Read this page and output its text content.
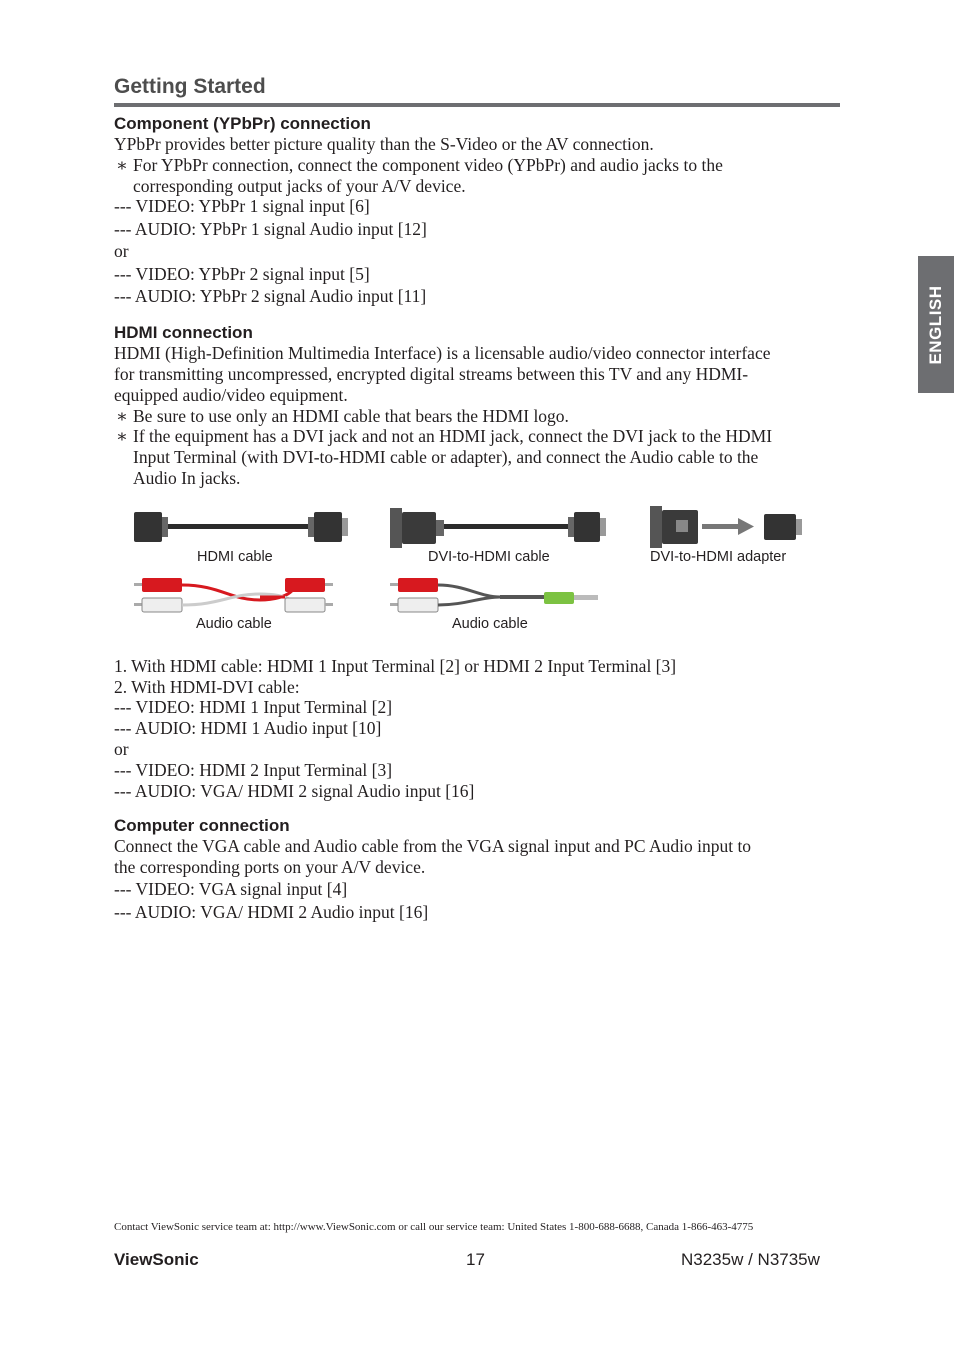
Getting Started
ENGLISH
Component (YPbPr) connection
YPbPr provides better picture quality than the S-Video or the AV connection.
∗ For YPbPr connection, connect the component video (YPbPr) and audio jacks to the
corresponding output jacks of your A/V device.
--- VIDEO: YPbPr 1 signal input [6]
--- AUDIO: YPbPr 1 signal Audio input [12]
or
--- VIDEO: YPbPr 2 signal input [5]
--- AUDIO: YPbPr 2 signal Audio input [11]
HDMI connection
HDMI (High-Definition Multimedia Interface) is a licensable audio/video connector interface
for transmitting uncompressed, encrypted digital streams between this TV and any HDMI-
equipped audio/video equipment.
∗ Be sure to use only an HDMI cable that bears the HDMI logo.
∗ If the equipment has a DVI jack and not an HDMI jack, connect the DVI jack to the HDMI
Input Terminal (with DVI-to-HDMI cable or adapter), and connect the Audio cable to the
Audio In jacks.
HDMI cable	DVI-to-HDMI cable	DVI-to-HDMI adapter
Audio cable	Audio cable
1. With HDMI cable: HDMI 1 Input Terminal [2] or HDMI 2 Input Terminal [3]
2. With HDMI-DVI cable:
--- VIDEO: HDMI 1 Input Terminal [2]
--- AUDIO: HDMI 1 Audio input [10]
or
--- VIDEO: HDMI 2 Input Terminal [3]
--- AUDIO: VGA/ HDMI 2 signal Audio input [16]
Computer connection
Connect the VGA cable and Audio cable from the VGA signal input and PC Audio input to
the corresponding ports on your A/V device.
--- VIDEO: VGA signal input [4]
--- AUDIO: VGA/ HDMI 2 Audio input [16]
Contact ViewSonic service team at: http://www.ViewSonic.com or call our service team: United States 1-800-688-6688, Canada 1-866-463-4775
ViewSonic	17	N3235w / N3735w
